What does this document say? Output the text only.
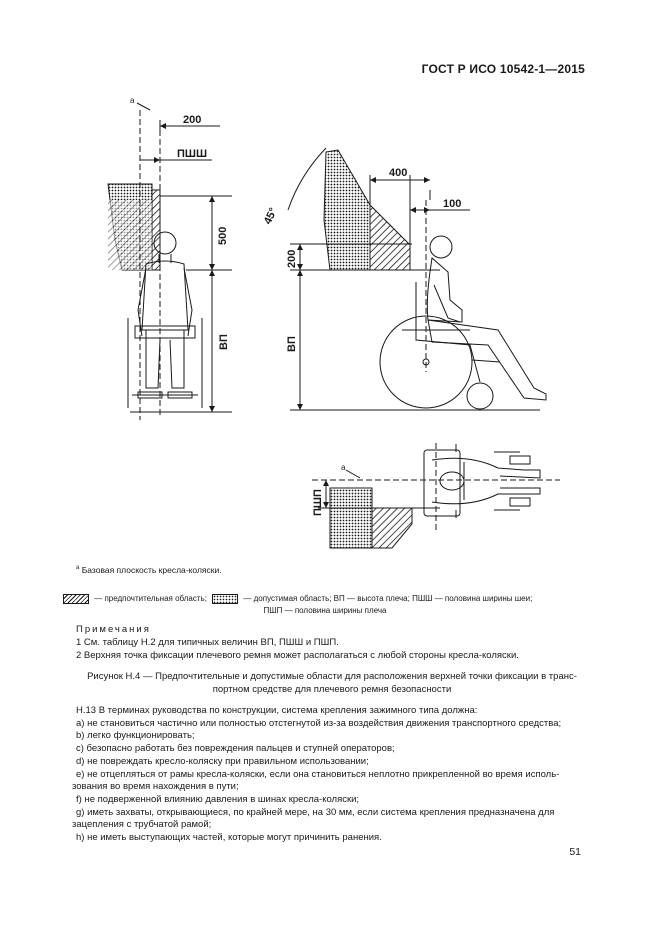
ГОСТ Р ИСО 10542-1—2015
a
200
ПШШ
500
ВП
45°
400
100
200
ВП
a
ПШП
$^a$ Базовая плоскость кресла-коляски.
— предпочтительная область;	— допустимая область; ВП — высота плеча; ПШШ — половина ширины шеи;
ПШП — половина ширины плеча
Примечания
1 См. таблицу Н.2 для типичных величин ВП, ПШШ и ПШП.
2 Верхняя точка фиксации плечевого ремня может располагаться с любой стороны кресла-коляски.
Рисунок Н.4 — Предпочтительные и допустимые области для расположения верхней точки фиксации в транс-
портном средстве для плечевого ремня безопасности

Н.13 В терминах руководства по конструкции, система крепления зажимного типа должна:

а) не становиться частично или полностью отстегнутой из-за воздействия движения транспортного средства;

b) легко функционировать;

c) безопасно работать без повреждения пальцев и ступней операторов;

d) не повреждать кресло-коляску при правильном использовании;

e) не отцепляться от рамы кресла-коляски, если она становиться неплотно прикрепленной во время исполь-

зования во время нахождения в пути;

f) не подверженной влиянию давления в шинах кресла-коляски;

g) иметь захваты, открывающиеся, по крайней мере, на 30 мм, если система крепления предназначена для

зацепления с трубчатой рамой;

h) не иметь выступающих частей, которые могут причинить ранения.

51
